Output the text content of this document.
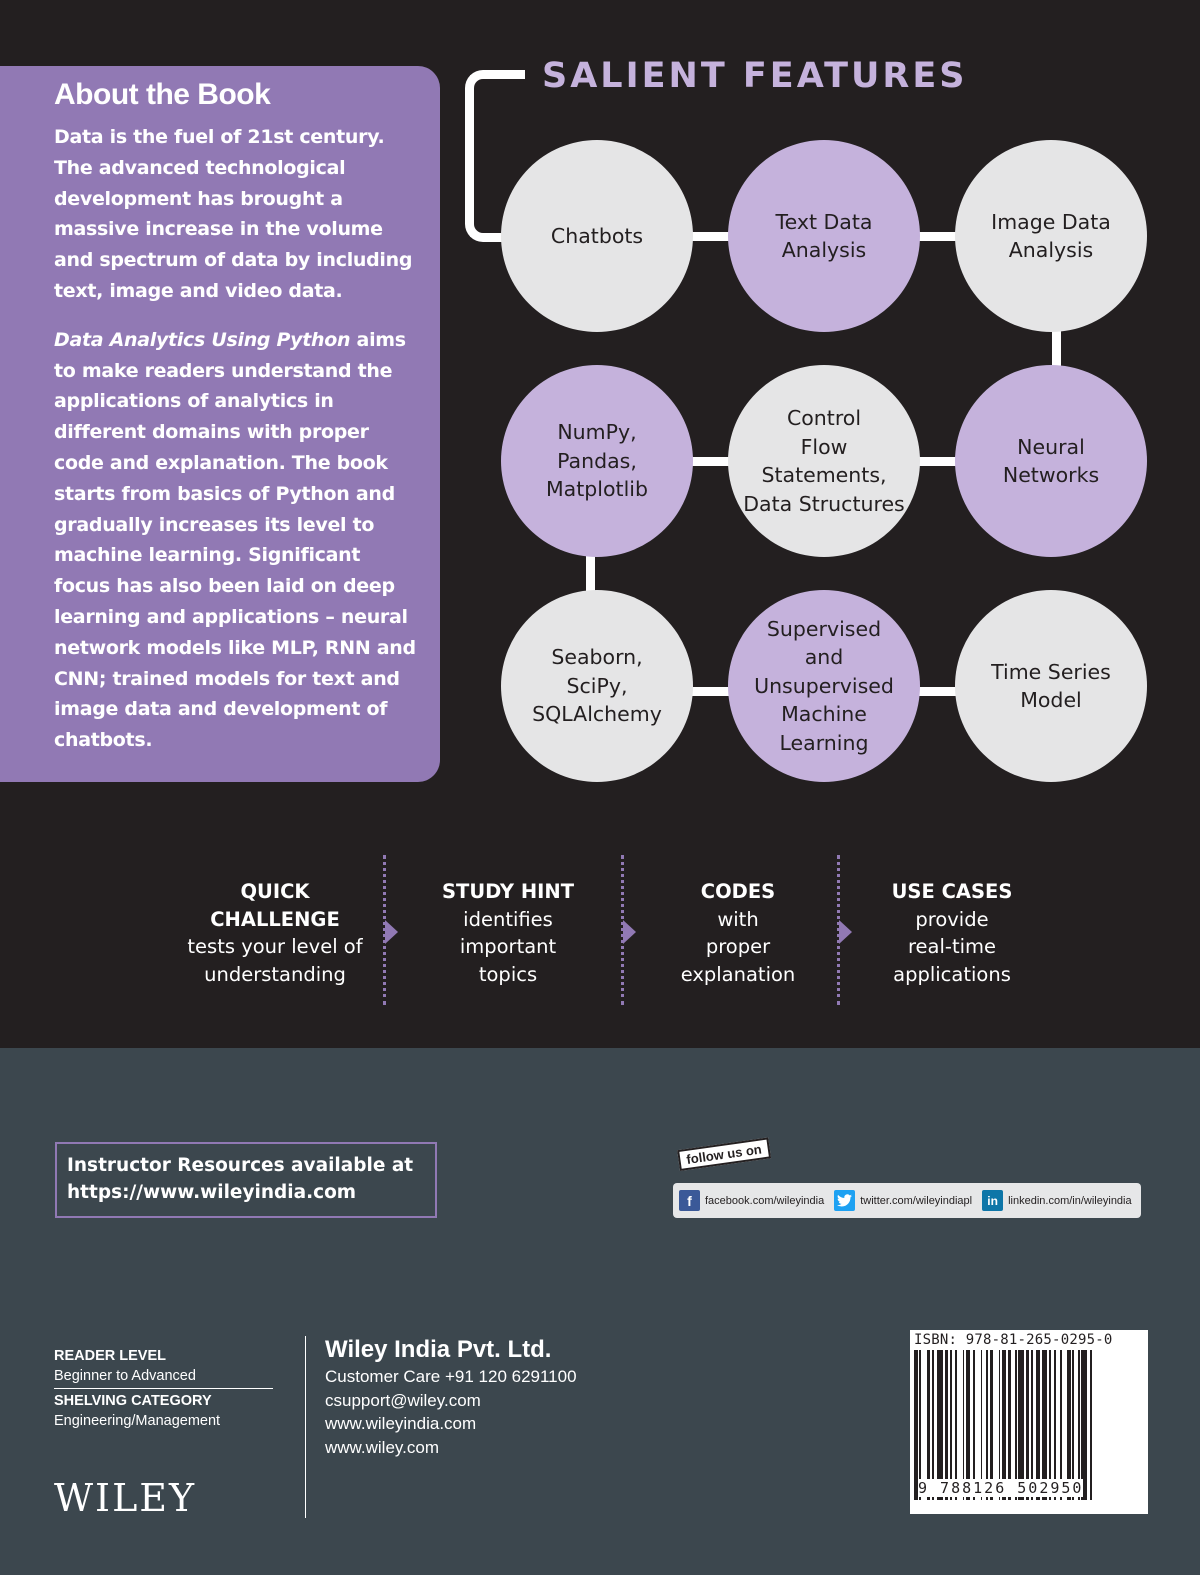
About the Book

Data is the fuel of 21st century. The advanced technological development has brought a massive increase in the volume and spectrum of data by including text, image and video data.

Data Analytics Using Python aims to make readers understand the applications of analytics in different domains with proper code and explanation. The book starts from basics of Python and gradually increases its level to machine learning. Significant focus has also been laid on deep learning and applications – neural network models like MLP, RNN and CNN; trained models for text and image data and development of chatbots.

SALIENT FEATURES
Chatbots
Text Data
Analysis
Image Data
Analysis
NumPy,
Pandas,
Matplotlib
Control
Flow Statements,
Data Structures
Neural
Networks
Seaborn,
SciPy,
SQLAlchemy
Supervised
and
Unsupervised
Machine
Learning
Time Series
Model
QUICK
CHALLENGE
tests your level of
understanding
STUDY HINT
identifies
important
topics
CODES
with
proper
explanation
USE CASES
provide
real-time
applications
Instructor Resources available at
https://www.wileyindia.com
follow us on
f	facebook.com/wileyindia	twitter.com/wileyindiapl	in linkedin.com/in/wileyindia
READER LEVEL
Beginner to Advanced
SHELVING CATEGORY
Engineering/Management
WILEY
Wiley India Pvt. Ltd.
Customer Care +91 120 6291100
csupport@wiley.com
www.wileyindia.com
www.wiley.com
ISBN: 978-81-265-0295-0
9 788126 502950
